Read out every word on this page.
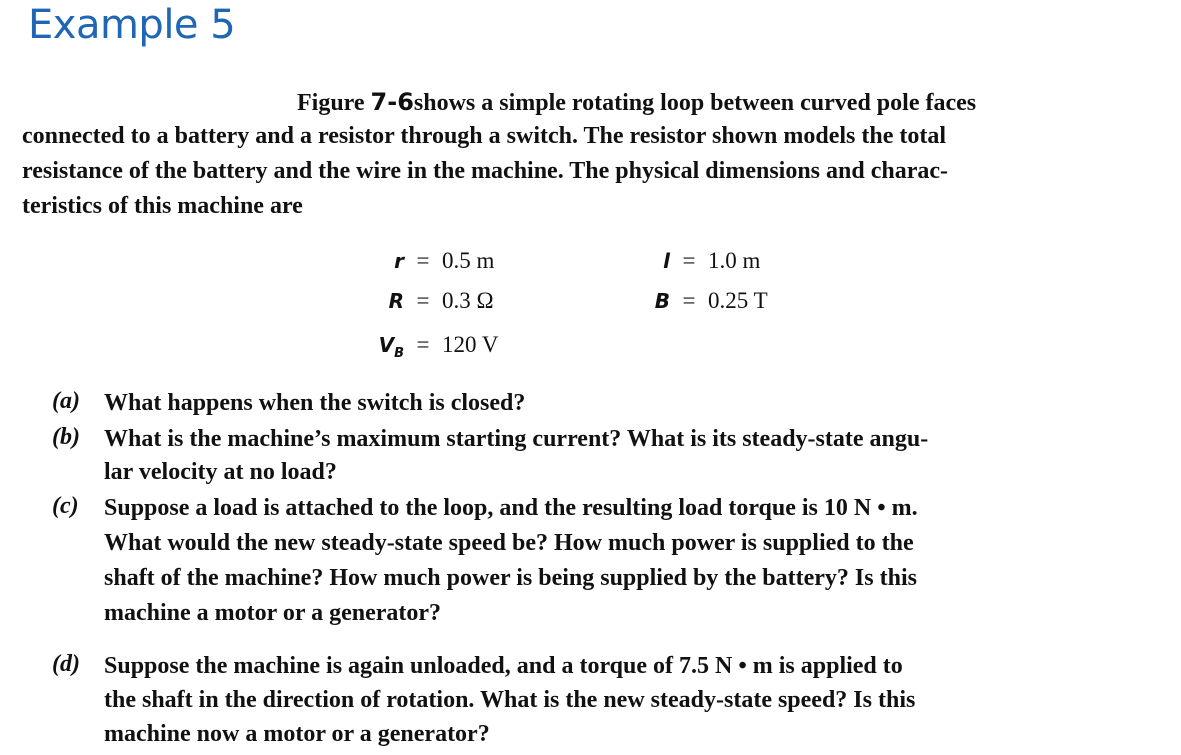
Example 5
Figure 7-6shows a simple rotating loop between curved pole faces
connected to a battery and a resistor through a switch. The resistor shown models the total
resistance of the battery and the wire in the machine. The physical dimensions and charac-
teristics of this machine are
r = 0.5 m	l = 1.0 m
R = 0.3 Ω	B = 0.25 T
$V_B = 120$ V
(a) What happens when the switch is closed?
(b) What is the machine’s maximum starting current? What is its steady-state angu-
lar velocity at no load?
(c) Suppose a load is attached to the loop, and the resulting load torque is 10 N • m.
What would the new steady-state speed be? How much power is supplied to the
shaft of the machine? How much power is being supplied by the battery? Is this
machine a motor or a generator?
(d) Suppose the machine is again unloaded, and a torque of 7.5 N • m is applied to
the shaft in the direction of rotation. What is the new steady-state speed? Is this
machine now a motor or a generator?
